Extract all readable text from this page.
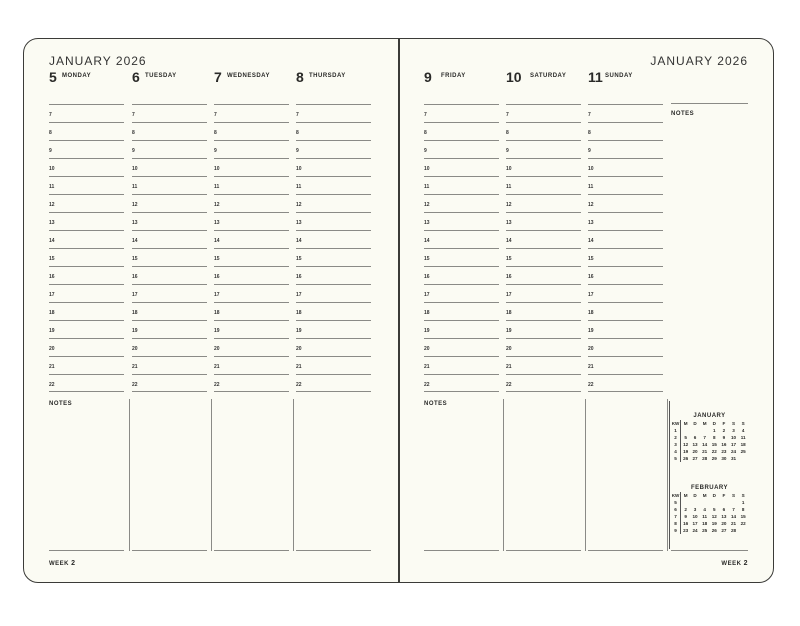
JANUARY 2026
5 MONDAY
7
8
9
10
11
12
13
14
15
16
17
18
19
20
21
22
NOTES
6 TUESDAY
7
8
9
10
11
12
13
14
15
16
17
18
19
20
21
22
7 WEDNESDAY
7
8
9
10
11
12
13
14
15
16
17
18
19
20
21
22
8 THURSDAY
7
8
9
10
11
12
13
14
15
16
17
18
19
20
21
22
WEEK 2
JANUARY 2026
9 FRIDAY
7
8
9
10
11
12
13
14
15
16
17
18
19
20
21
22
NOTES
10 SATURDAY
7
8
9
10
11
12
13
14
15
16
17
18
19
20
21
22
11 SUNDAY
7
8
9
10
11
12
13
14
15
16
17
18
19
20
21
22
NOTES
JANUARY
KW	M	D	M	D	F	S	S
1				1	2	3	4
2	5	6	7	8	9	10	11
3	12	13	14	15	16	17	18
4	19	20	21	22	23	24	25
5	26	27	28	29	30	31	
FEBRUARY
KW	M	D	M	D	F	S	S
5							1
6	2	3	4	5	6	7	8
7	9	10	11	12	13	14	15
8	16	17	18	19	20	21	22
9	23	24	25	26	27	28	
WEEK 2
